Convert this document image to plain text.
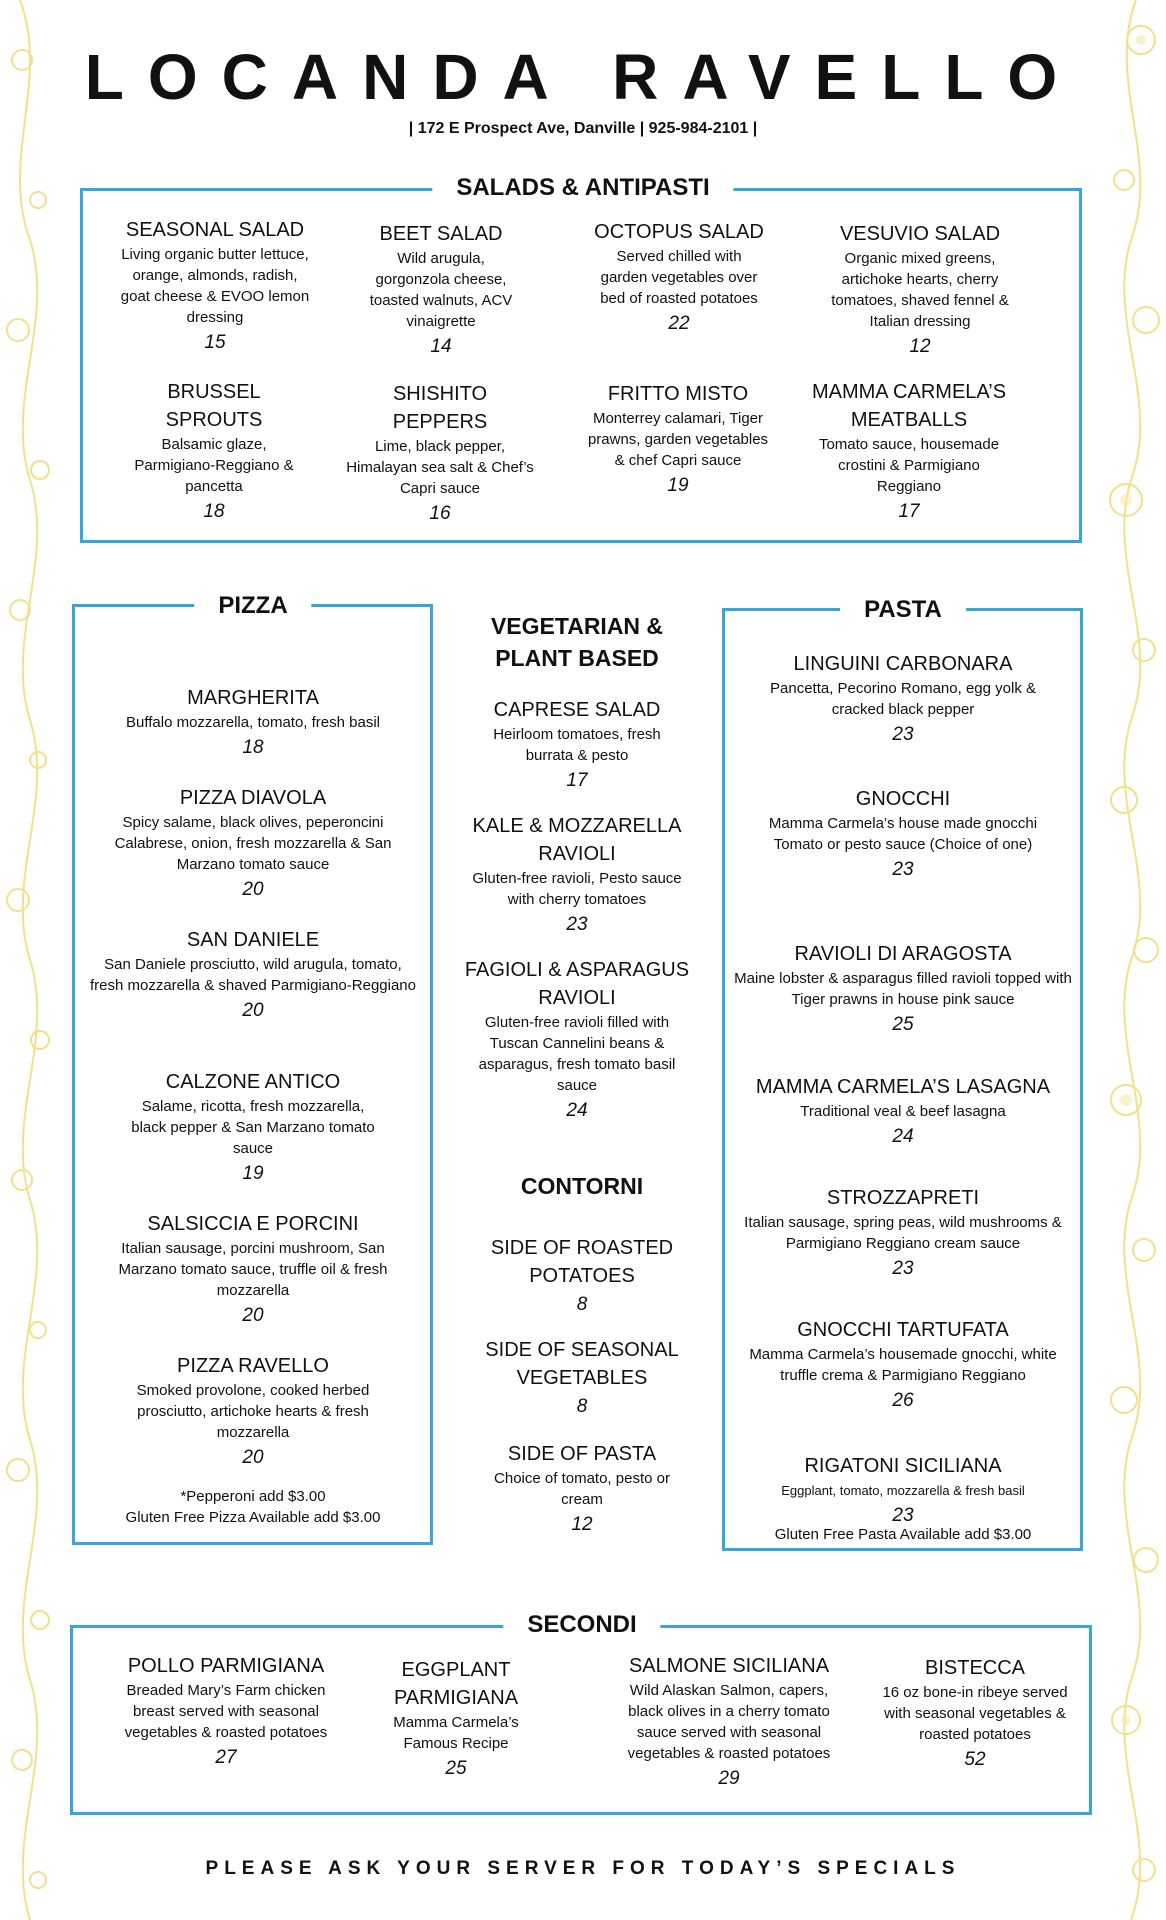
LOCANDA RAVELLO
| 172 E Prospect Ave, Danville | 925-984-2101 |
SALADS & ANTIPASTI
SEASONAL SALAD
Living organic butter lettuce, orange, almonds, radish, goat cheese & EVOO lemon dressing
15
BEET SALAD
Wild arugula, gorgonzola cheese, toasted walnuts, ACV vinaigrette
14
OCTOPUS SALAD
Served chilled with garden vegetables over bed of roasted potatoes
22
VESUVIO SALAD
Organic mixed greens, artichoke hearts, cherry tomatoes, shaved fennel & Italian dressing
12
BRUSSEL SPROUTS
Balsamic glaze, Parmigiano-Reggiano & pancetta
18
SHISHITO PEPPERS
Lime, black pepper, Himalayan sea salt & Chef’s Capri sauce
16
FRITTO MISTO
Monterrey calamari, Tiger prawns, garden vegetables & chef Capri sauce
19
MAMMA CARMELA’S MEATBALLS
Tomato sauce, housemade crostini & Parmigiano Reggiano
17
PIZZA
MARGHERITA
Buffalo mozzarella, tomato, fresh basil
18
PIZZA DIAVOLA
Spicy salame, black olives, peperoncini Calabrese, onion, fresh mozzarella & San Marzano tomato sauce
20
SAN DANIELE
San Daniele prosciutto, wild arugula, tomato, fresh mozzarella & shaved Parmigiano-Reggiano
20
CALZONE ANTICO
Salame, ricotta, fresh mozzarella, black pepper & San Marzano tomato sauce
19
SALSICCIA E PORCINI
Italian sausage, porcini mushroom, San Marzano tomato sauce, truffle oil & fresh mozzarella
20
PIZZA RAVELLO
Smoked provolone, cooked herbed prosciutto, artichoke hearts & fresh mozzarella
20
*Pepperoni add $3.00
Gluten Free Pizza Available add $3.00
VEGETARIAN & PLANT BASED
CAPRESE SALAD
Heirloom tomatoes, fresh burrata & pesto
17
KALE & MOZZARELLA RAVIOLI
Gluten-free ravioli, Pesto sauce with cherry tomatoes
23
FAGIOLI & ASPARAGUS RAVIOLI
Gluten-free ravioli filled with Tuscan Cannelini beans & asparagus, fresh tomato basil sauce
24
CONTORNI
SIDE OF ROASTED POTATOES
8
SIDE OF SEASONAL VEGETABLES
8
SIDE OF PASTA
Choice of tomato, pesto or cream
12
PASTA
LINGUINI CARBONARA
Pancetta, Pecorino Romano, egg yolk & cracked black pepper
23
GNOCCHI
Mamma Carmela’s house made gnocchi Tomato or pesto sauce (Choice of one)
23
RAVIOLI DI ARAGOSTA
Maine lobster & asparagus filled ravioli topped with Tiger prawns in house pink sauce
25
MAMMA CARMELA’S LASAGNA
Traditional veal & beef lasagna
24
STROZZAPRETI
Italian sausage, spring peas, wild mushrooms & Parmigiano Reggiano cream sauce
23
GNOCCHI TARTUFATA
Mamma Carmela’s housemade gnocchi, white truffle crema & Parmigiano Reggiano
26
RIGATONI SICILIANA
Eggplant, tomato, mozzarella & fresh basil
23
Gluten Free Pasta Available add $3.00
SECONDI
POLLO PARMIGIANA
Breaded Mary’s Farm chicken breast served with seasonal vegetables & roasted potatoes
27
EGGPLANT PARMIGIANA
Mamma Carmela’s Famous Recipe
25
SALMONE SICILIANA
Wild Alaskan Salmon, capers, black olives in a cherry tomato sauce served with seasonal vegetables & roasted potatoes
29
BISTECCA
16 oz bone-in ribeye served with seasonal vegetables & roasted potatoes
52
PLEASE ASK YOUR SERVER FOR TODAY’S SPECIALS
